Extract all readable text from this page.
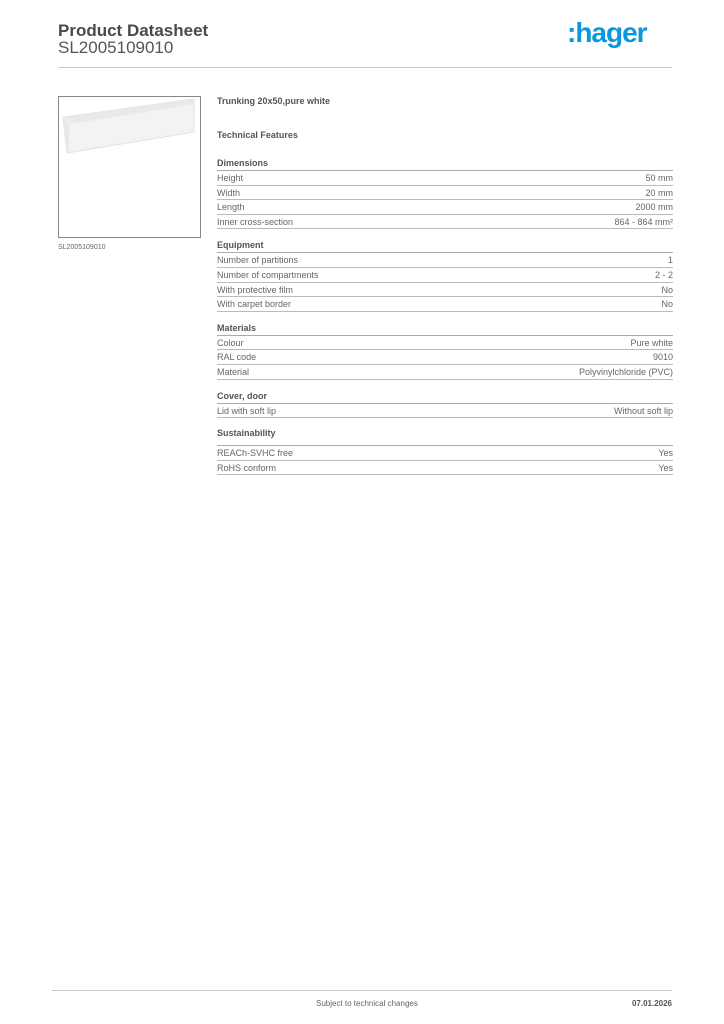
Product Datasheet
SL2005109010	:hager
SL2005109010
Trunking 20x50,pure white
Technical Features
Dimensions
Height	50 mm
Width	20 mm
Length	2000 mm
Inner cross-section	864 - 864 mm²
Equipment
Number of partitions	1
Number of compartments	2 - 2
With protective film	No
With carpet border	No
Materials
Colour	Pure white
RAL code	9010
Material	Polyvinylchloride (PVC)
Cover, door
Lid with soft lip	Without soft lip
Sustainability
REACh-SVHC free	Yes
RoHS conform	Yes
Subject to technical changes	07.01.2026
